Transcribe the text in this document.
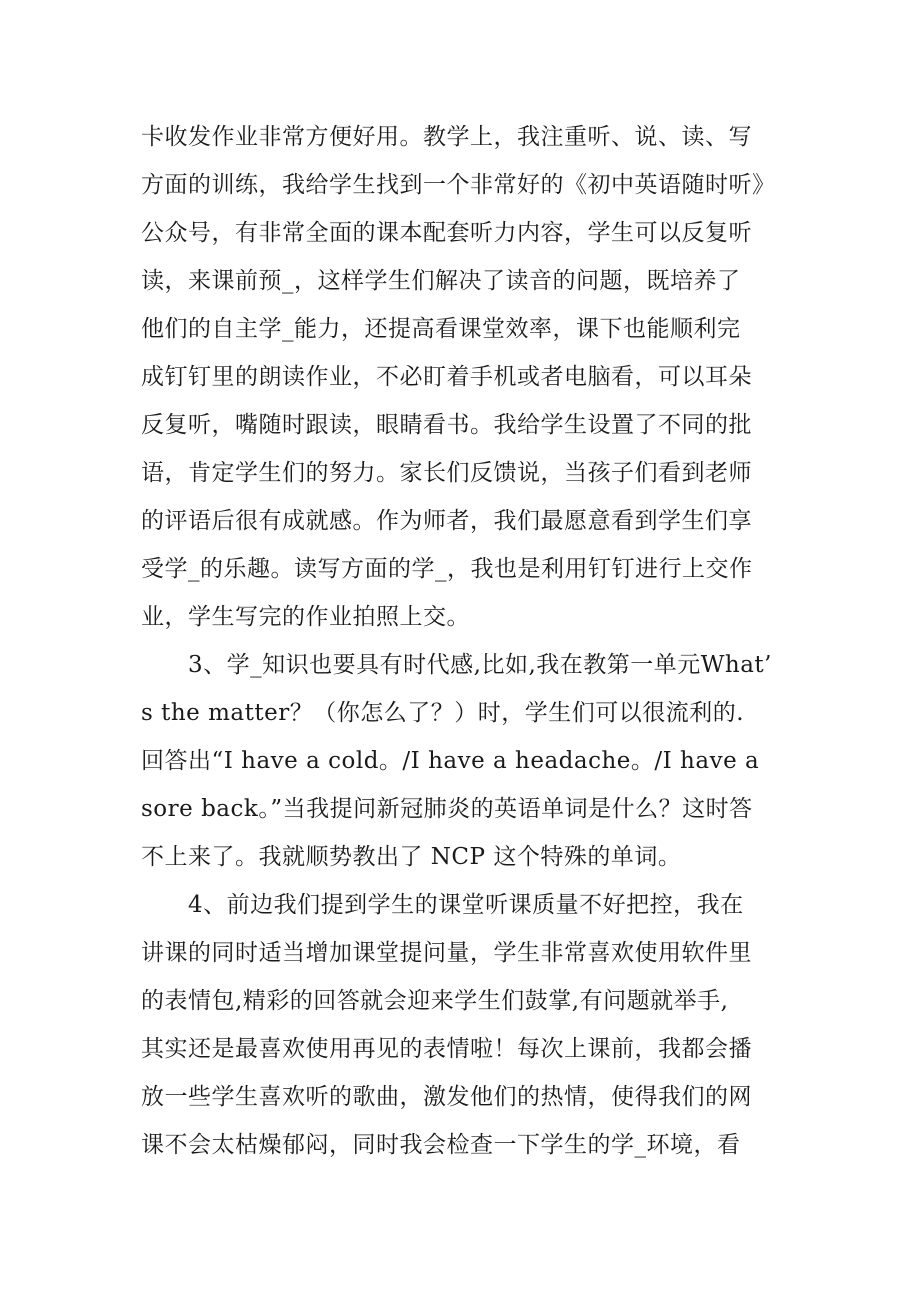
卡收发作业非常方便好用。教学上，我注重听、说、读、写
方面的训练，我给学生找到一个非常好的《初中英语随时听》
公众号，有非常全面的课本配套听力内容，学生可以反复听
读，来课前预_，这样学生们解决了读音的问题，既培养了
他们的自主学_能力，还提高看课堂效率，课下也能顺利完
成钉钉里的朗读作业，不必盯着手机或者电脑看，可以耳朵
反复听，嘴随时跟读，眼睛看书。我给学生设置了不同的批
语，肯定学生们的努力。家长们反馈说，当孩子们看到老师
的评语后很有成就感。作为师者，我们最愿意看到学生们享
受学_的乐趣。读写方面的学_，我也是利用钉钉进行上交作
业，学生写完的作业拍照上交。
　　3、学_知识也要具有时代感,比如,我在教第一单元What’
s the matter？（你怎么了？）时，学生们可以很流利的.
回答出“I have a cold。/I have a headache。/I have a
sore back。”当我提问新冠肺炎的英语单词是什么？这时答
不上来了。我就顺势教出了 NCP 这个特殊的单词。
　　4、前边我们提到学生的课堂听课质量不好把控，我在
讲课的同时适当增加课堂提问量，学生非常喜欢使用软件里
的表情包,精彩的回答就会迎来学生们鼓掌,有问题就举手,
其实还是最喜欢使用再见的表情啦！每次上课前，我都会播
放一些学生喜欢听的歌曲，激发他们的热情，使得我们的网
课不会太枯燥郁闷，同时我会检查一下学生的学_环境，看
